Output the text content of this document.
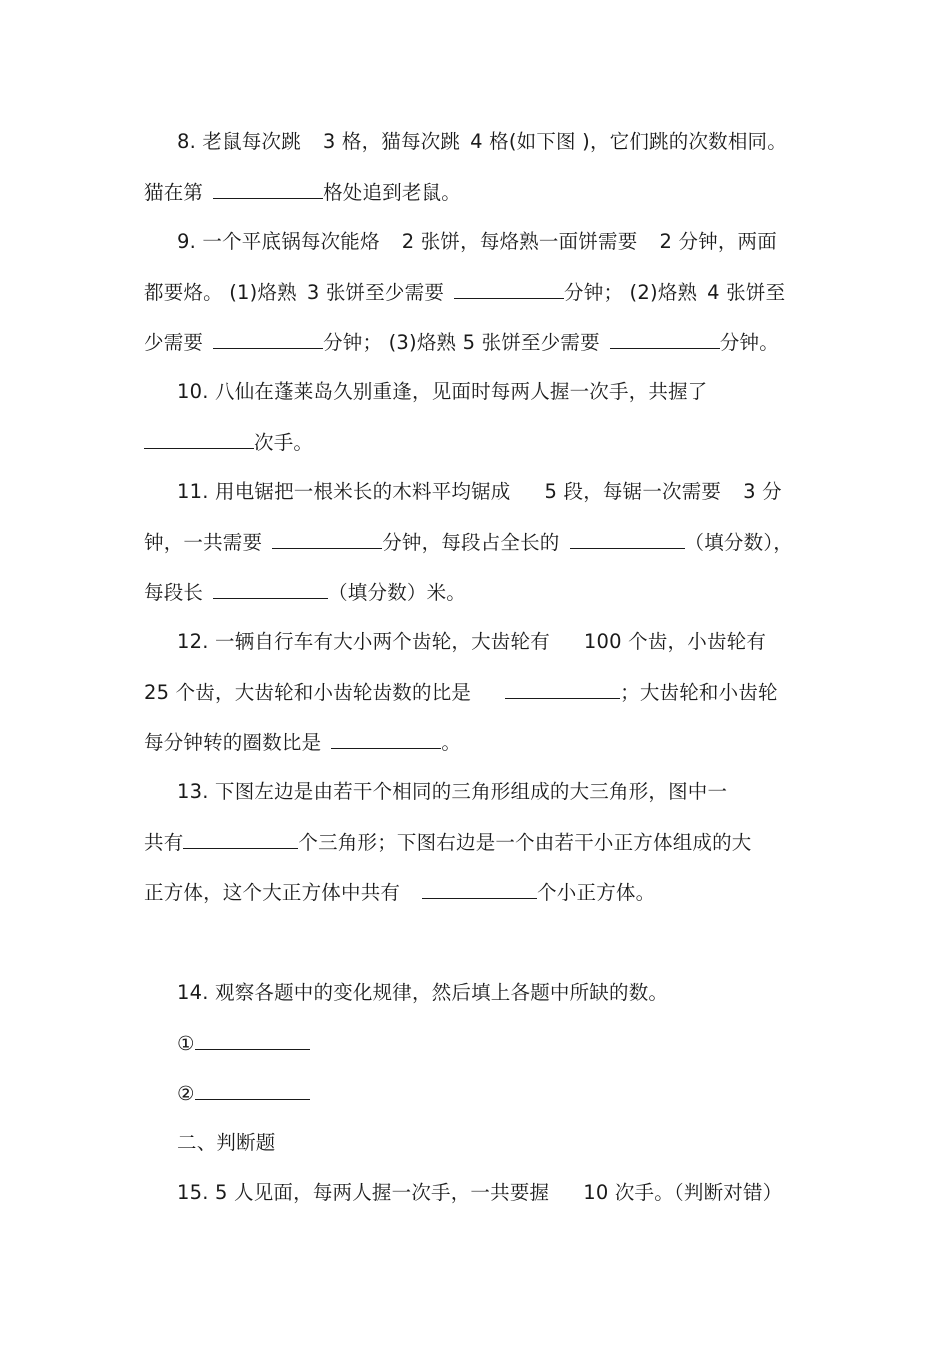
8. 老鼠每次跳 3 格，猫每次跳 4 格(如下图 )，它们跳的次数相同。
猫在第	格处追到老鼠。
9. 一个平底锅每次能烙 2 张饼，每烙熟一面饼需要 2 分钟，两面
都要烙。 (1)烙熟 3 张饼至少需要	分钟； (2)烙熟 4 张饼至
少需要	分钟； (3)烙熟 5 张饼至少需要	分钟。
10. 八仙在蓬莱岛久别重逢，见面时每两人握一次手，共握了
次手。
11. 用电锯把一根米长的木料平均锯成 5 段，每锯一次需要 3 分
钟，一共需要	分钟，每段占全长的	（填分数），
每段长	（填分数）米。
12. 一辆自行车有大小两个齿轮，大齿轮有 100 个齿，小齿轮有
25 个齿，大齿轮和小齿轮齿数的比是	；大齿轮和小齿轮
每分钟转的圈数比是	。
13. 下图左边是由若干个相同的三角形组成的大三角形，图中一
共有	个三角形；下图右边是一个由若干小正方体组成的大
正方体，这个大正方体中共有	个小正方体。
14. 观察各题中的变化规律，然后填上各题中所缺的数。
①
②
二、判断题
15. 5 人见面，每两人握一次手，一共要握 10 次手。（判断对错）
